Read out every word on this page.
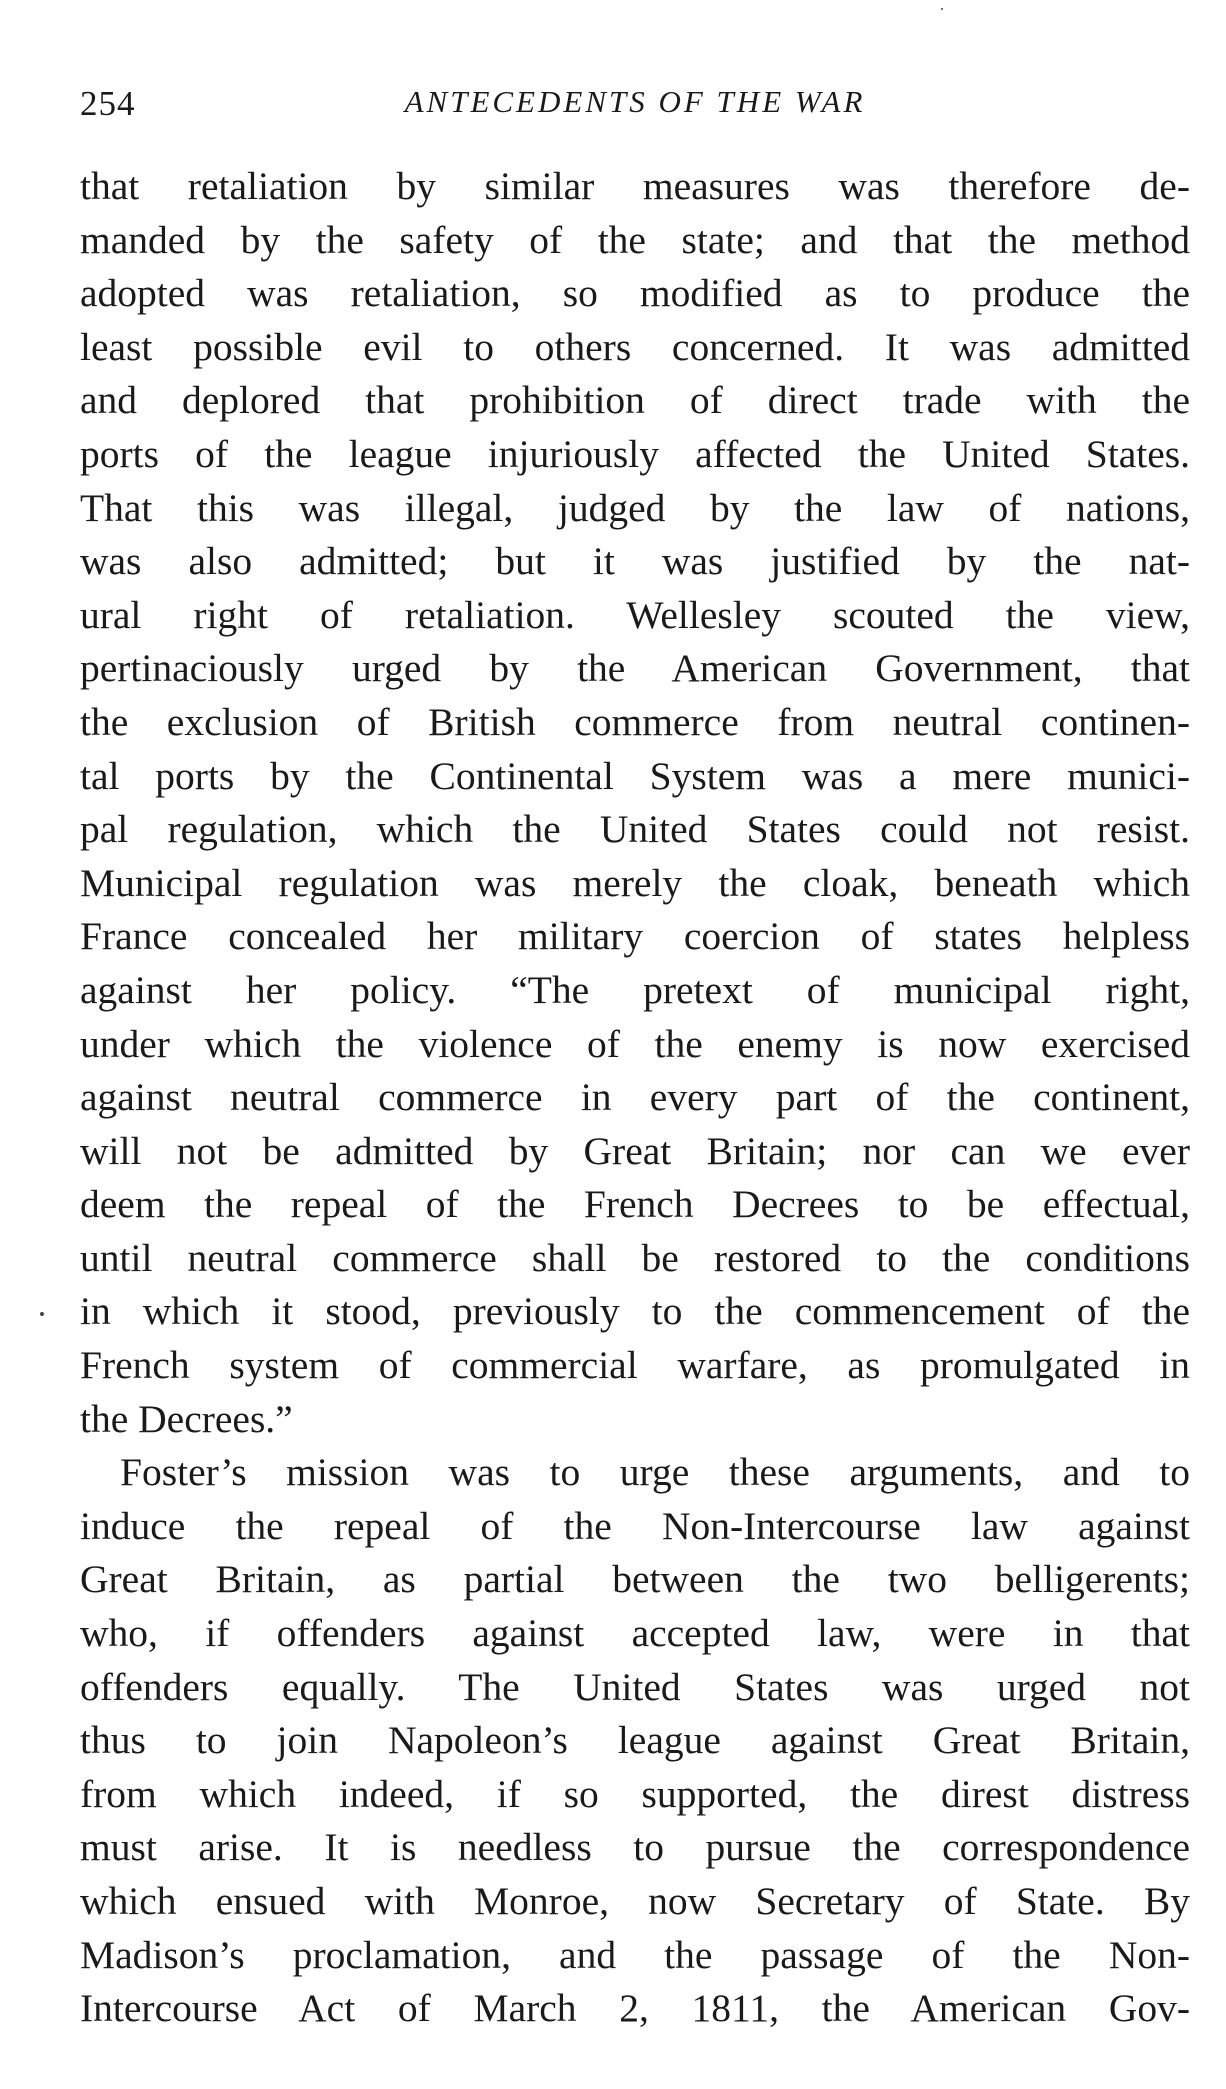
254	ANTECEDENTS OF THE WAR
that retaliation by similar measures was therefore de-
manded by the safety of the state; and that the method
adopted was retaliation, so modified as to produce the
least possible evil to others concerned. It was admitted
and deplored that prohibition of direct trade with the
ports of the league injuriously affected the United States.
That this was illegal, judged by the law of nations,
was also admitted; but it was justified by the nat-
ural right of retaliation. Wellesley scouted the view,
pertinaciously urged by the American Government, that
the exclusion of British commerce from neutral continen-
tal ports by the Continental System was a mere munici-
pal regulation, which the United States could not resist.
Municipal regulation was merely the cloak, beneath which
France concealed her military coercion of states helpless
against her policy. “The pretext of municipal right,
under which the violence of the enemy is now exercised
against neutral commerce in every part of the continent,
will not be admitted by Great Britain; nor can we ever
deem the repeal of the French Decrees to be effectual,
until neutral commerce shall be restored to the conditions
in which it stood, previously to the commencement of the
French system of commercial warfare, as promulgated in
the Decrees.”
Foster’s mission was to urge these arguments, and to
induce the repeal of the Non-Intercourse law against
Great Britain, as partial between the two belligerents;
who, if offenders against accepted law, were in that
offenders equally. The United States was urged not
thus to join Napoleon’s league against Great Britain,
from which indeed, if so supported, the direst distress
must arise. It is needless to pursue the correspondence
which ensued with Monroe, now Secretary of State. By
Madison’s proclamation, and the passage of the Non-
Intercourse Act of March 2, 1811, the American Gov-
